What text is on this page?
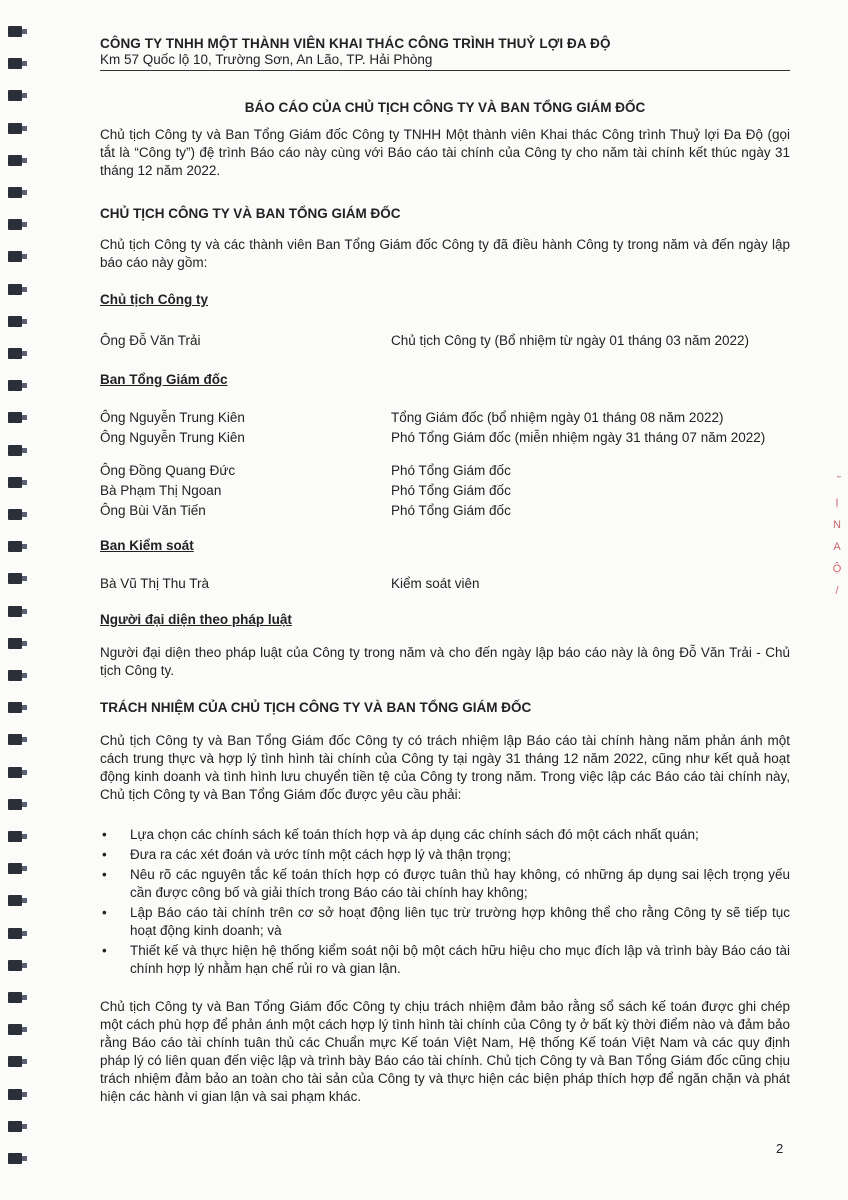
Ị
N
A
Ộ
/
CÔNG TY TNHH MỘT THÀNH VIÊN KHAI THÁC CÔNG TRÌNH THUỶ LỢI ĐA ĐỘ
Km 57 Quốc lộ 10, Trường Sơn, An Lão, TP. Hải Phòng
BÁO CÁO CỦA CHỦ TỊCH CÔNG TY VÀ BAN TỔNG GIÁM ĐỐC

Chủ tịch Công ty và Ban Tổng Giám đốc Công ty TNHH Một thành viên Khai thác Công trình Thuỷ lợi Đa Độ (gọi tắt là “Công ty”) đệ trình Báo cáo này cùng với Báo cáo tài chính của Công ty cho năm tài chính kết thúc ngày 31 tháng 12 năm 2022.

CHỦ TỊCH CÔNG TY VÀ BAN TỔNG GIÁM ĐỐC

Chủ tịch Công ty và các thành viên Ban Tổng Giám đốc Công ty đã điều hành Công ty trong năm và đến ngày lập báo cáo này gồm:

Chủ tịch Công ty
Ông Đỗ Văn Trải	Chủ tịch Công ty (Bổ nhiệm từ ngày 01 tháng 03 năm 2022)
Ban Tổng Giám đốc
Ông Nguyễn Trung Kiên	Tổng Giám đốc (bổ nhiệm ngày 01 tháng 08 năm 2022)
Ông Nguyễn Trung Kiên	Phó Tổng Giám đốc (miễn nhiệm ngày 31 tháng 07 năm 2022)
Ông Đồng Quang Đức	Phó Tổng Giám đốc
Bà Phạm Thị Ngoan	Phó Tổng Giám đốc
Ông Bùi Văn Tiến	Phó Tổng Giám đốc
Ban Kiểm soát
Bà Vũ Thị Thu Trà	Kiểm soát viên
Người đại diện theo pháp luật

Người đại diện theo pháp luật của Công ty trong năm và cho đến ngày lập báo cáo này là ông Đỗ Văn Trải - Chủ tịch Công ty.

TRÁCH NHIỆM CỦA CHỦ TỊCH CÔNG TY VÀ BAN TỔNG GIÁM ĐỐC

Chủ tịch Công ty và Ban Tổng Giám đốc Công ty có trách nhiệm lập Báo cáo tài chính hàng năm phản ánh một cách trung thực và hợp lý tình hình tài chính của Công ty tại ngày 31 tháng 12 năm 2022, cũng như kết quả hoạt động kinh doanh và tình hình lưu chuyển tiền tệ của Công ty trong năm. Trong việc lập các Báo cáo tài chính này, Chủ tịch Công ty và Ban Tổng Giám đốc được yêu cầu phải:

• Lựa chọn các chính sách kế toán thích hợp và áp dụng các chính sách đó một cách nhất quán;
• Đưa ra các xét đoán và ước tính một cách hợp lý và thận trọng;
• Nêu rõ các nguyên tắc kế toán thích hợp có được tuân thủ hay không, có những áp dụng sai lệch trọng yếu cần được công bố và giải thích trong Báo cáo tài chính hay không;
• Lập Báo cáo tài chính trên cơ sở hoạt động liên tục trừ trường hợp không thể cho rằng Công ty sẽ tiếp tục hoạt động kinh doanh; và
• Thiết kế và thực hiện hệ thống kiểm soát nội bộ một cách hữu hiệu cho mục đích lập và trình bày Báo cáo tài chính hợp lý nhằm hạn chế rủi ro và gian lận.

Chủ tịch Công ty và Ban Tổng Giám đốc Công ty chịu trách nhiệm đảm bảo rằng sổ sách kế toán được ghi chép một cách phù hợp để phản ánh một cách hợp lý tình hình tài chính của Công ty ở bất kỳ thời điểm nào và đảm bảo rằng Báo cáo tài chính tuân thủ các Chuẩn mực Kế toán Việt Nam, Hệ thống Kế toán Việt Nam và các quy định pháp lý có liên quan đến việc lập và trình bày Báo cáo tài chính. Chủ tịch Công ty và Ban Tổng Giám đốc cũng chịu trách nhiệm đảm bảo an toàn cho tài sản của Công ty và thực hiện các biện pháp thích hợp để ngăn chặn và phát hiện các hành vi gian lận và sai phạm khác.

2
